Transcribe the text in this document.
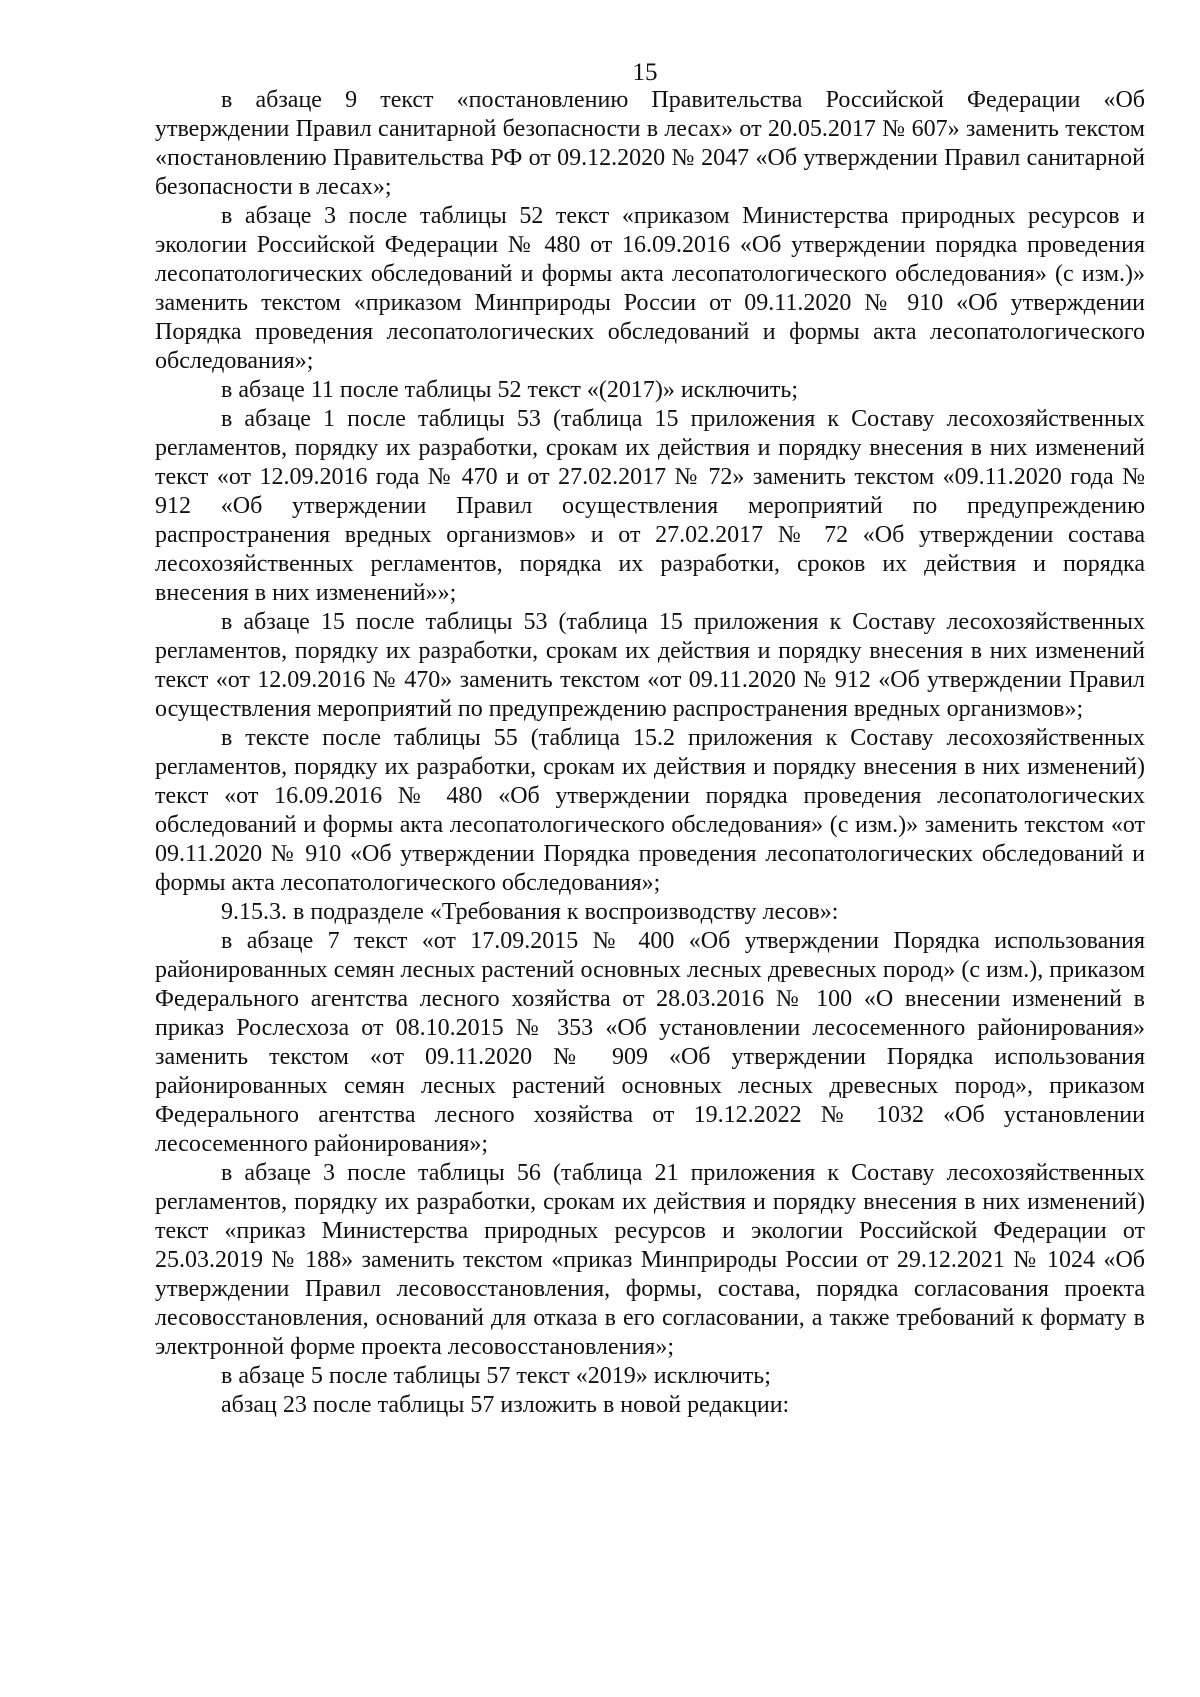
15

в абзаце 9 текст «постановлению Правительства Российской Федерации «Об утверждении Правил санитарной безопасности в лесах» от 20.05.2017 № 607» заменить текстом «постановлению Правительства РФ от 09.12.2020 № 2047 «Об утверждении Правил санитарной безопасности в лесах»;

в абзаце 3 после таблицы 52 текст «приказом Министерства природных ресурсов и экологии Российской Федерации № 480 от 16.09.2016 «Об утверждении порядка проведения лесопатологических обследований и формы акта лесопатологического обследования» (с изм.)» заменить текстом «приказом Минприроды России от 09.11.2020 № 910 «Об утверждении Порядка проведения лесопатологических обследований и формы акта лесопатологического обследования»;

в абзаце 11 после таблицы 52 текст «(2017)» исключить;

в абзаце 1 после таблицы 53 (таблица 15 приложения к Составу лесохозяйственных регламентов, порядку их разработки, срокам их действия и порядку внесения в них изменений текст «от 12.09.2016 года № 470 и от 27.02.2017 № 72» заменить текстом «09.11.2020 года № 912 «Об утверждении Правил осуществления мероприятий по предупреждению распространения вредных организмов» и от 27.02.2017 № 72 «Об утверждении состава лесохозяйственных регламентов, порядка их разработки, сроков их действия и порядка внесения в них изменений»»;

в абзаце 15 после таблицы 53 (таблица 15 приложения к Составу лесохозяйственных регламентов, порядку их разработки, срокам их действия и порядку внесения в них изменений текст «от 12.09.2016 № 470» заменить текстом «от 09.11.2020 № 912 «Об утверждении Правил осуществления мероприятий по предупреждению распространения вредных организмов»;

в тексте после таблицы 55 (таблица 15.2 приложения к Составу лесохозяйственных регламентов, порядку их разработки, срокам их действия и порядку внесения в них изменений) текст «от 16.09.2016 № 480 «Об утверждении порядка проведения лесопатологических обследований и формы акта лесопатологического обследования» (с изм.)» заменить текстом «от 09.11.2020 № 910 «Об утверждении Порядка проведения лесопатологических обследований и формы акта лесопатологического обследования»;

9.15.3. в подразделе «Требования к воспроизводству лесов»:

в абзаце 7 текст «от 17.09.2015 № 400 «Об утверждении Порядка использования районированных семян лесных растений основных лесных древесных пород» (с изм.), приказом Федерального агентства лесного хозяйства от 28.03.2016 № 100 «О внесении изменений в приказ Рослесхоза от 08.10.2015 № 353 «Об установлении лесосеменного районирования» заменить текстом «от 09.11.2020 № 909 «Об утверждении Порядка использования районированных семян лесных растений основных лесных древесных пород», приказом Федерального агентства лесного хозяйства от 19.12.2022 № 1032 «Об установлении лесосеменного районирования»;

в абзаце 3 после таблицы 56 (таблица 21 приложения к Составу лесохозяйственных регламентов, порядку их разработки, срокам их действия и порядку внесения в них изменений) текст «приказ Министерства природных ресурсов и экологии Российской Федерации от 25.03.2019 № 188» заменить текстом «приказ Минприроды России от 29.12.2021 № 1024 «Об утверждении Правил лесовосстановления, формы, состава, порядка согласования проекта лесовосстановления, оснований для отказа в его согласовании, а также требований к формату в электронной форме проекта лесовосстановления»;

в абзаце 5 после таблицы 57 текст «2019» исключить;

абзац 23 после таблицы 57 изложить в новой редакции:
